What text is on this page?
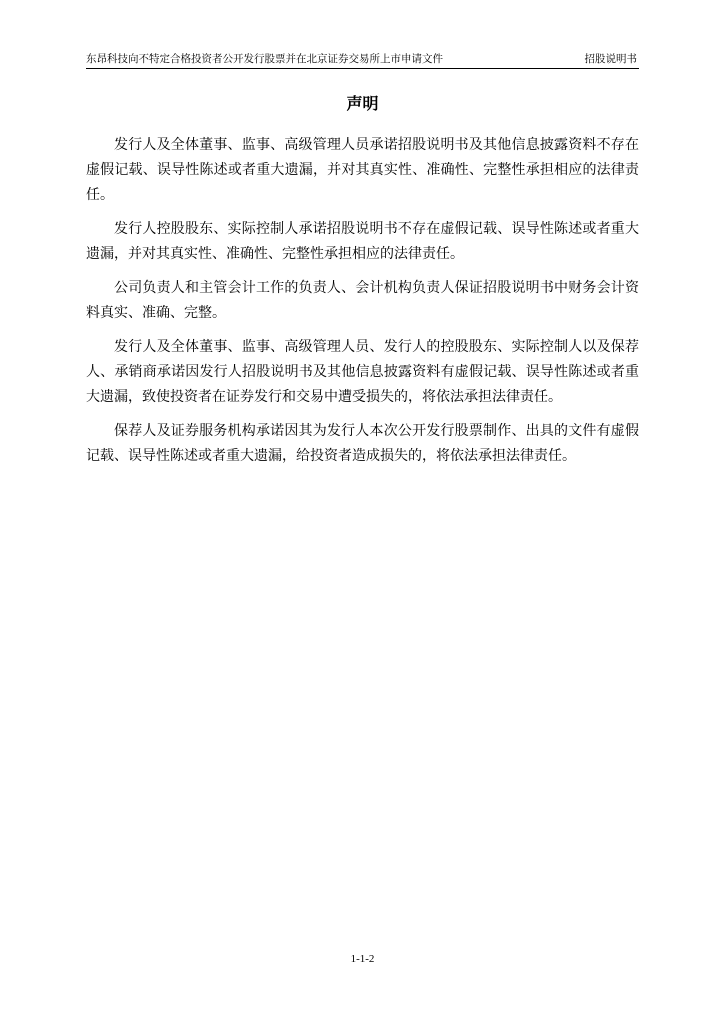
东昂科技向不特定合格投资者公开发行股票并在北京证券交易所上市申请文件	招股说明书
声明

发行人及全体董事、监事、高级管理人员承诺招股说明书及其他信息披露资料不存在虚假记载、误导性陈述或者重大遗漏，并对其真实性、准确性、完整性承担相应的法律责任。

发行人控股股东、实际控制人承诺招股说明书不存在虚假记载、误导性陈述或者重大遗漏，并对其真实性、准确性、完整性承担相应的法律责任。

公司负责人和主管会计工作的负责人、会计机构负责人保证招股说明书中财务会计资料真实、准确、完整。

发行人及全体董事、监事、高级管理人员、发行人的控股股东、实际控制人以及保荐人、承销商承诺因发行人招股说明书及其他信息披露资料有虚假记载、误导性陈述或者重大遗漏，致使投资者在证券发行和交易中遭受损失的，将依法承担法律责任。

保荐人及证券服务机构承诺因其为发行人本次公开发行股票制作、出具的文件有虚假记载、误导性陈述或者重大遗漏，给投资者造成损失的，将依法承担法律责任。

1-1-2
